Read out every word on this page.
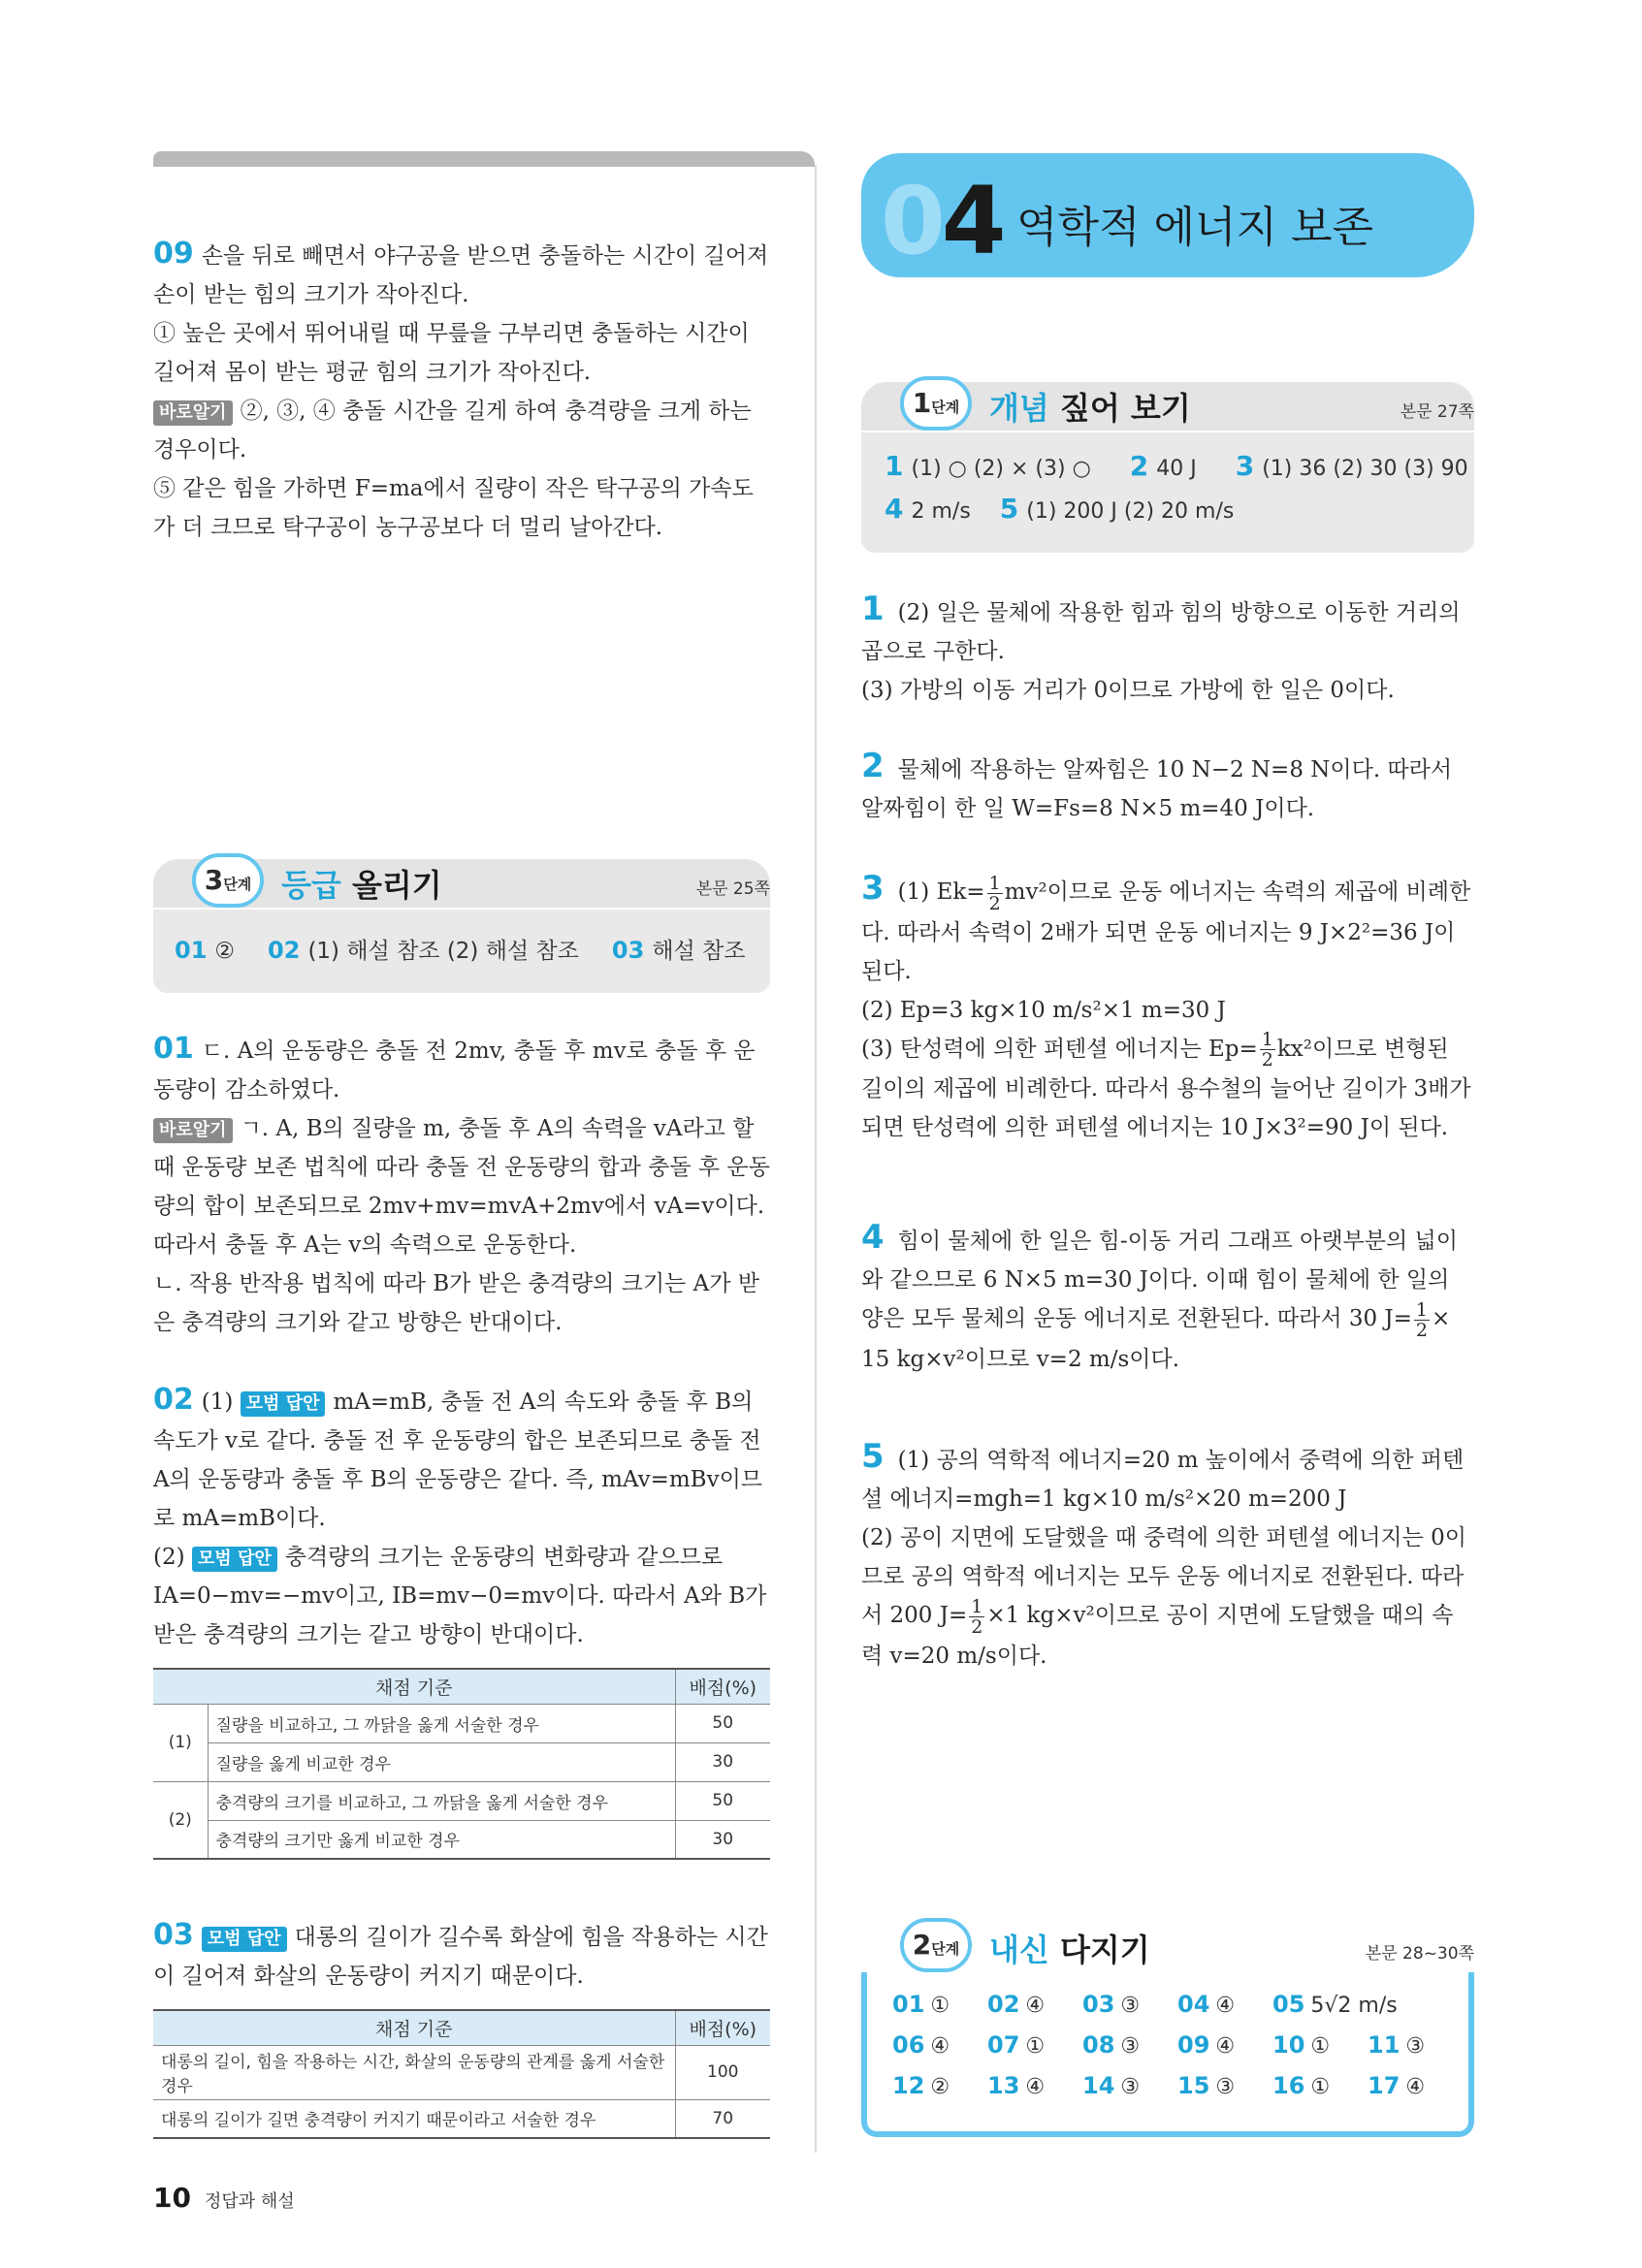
09 손을 뒤로 빼면서 야구공을 받으면 충돌하는 시간이 길어져 손이 받는 힘의 크기가 작아진다.
① 높은 곳에서 뛰어내릴 때 무릎을 구부리면 충돌하는 시간이 길어져 몸이 받는 평균 힘의 크기가 작아진다.
바로알기 ②, ③, ④ 충돌 시간을 길게 하여 충격량을 크게 하는 경우이다.
⑤ 같은 힘을 가하면 F=ma에서 질량이 작은 탁구공의 가속도가 더 크므로 탁구공이 농구공보다 더 멀리 날아간다.
3단계 등급 올리기	본문 25쪽
01 ② 02 (1) 해설 참조 (2) 해설 참조 03 해설 참조
01 ㄷ. A의 운동량은 충돌 전 2mv, 충돌 후 mv로 충돌 후 운동량이 감소하였다.
바로알기 ㄱ. A, B의 질량을 m, 충돌 후 A의 속력을 vA라고 할 때 운동량 보존 법칙에 따라 충돌 전 운동량의 합과 충돌 후 운동량의 합이 보존되므로 2mv+mv=mvA+2mv에서 vA=v이다. 따라서 충돌 후 A는 v의 속력으로 운동한다.
ㄴ. 작용 반작용 법칙에 따라 B가 받은 충격량의 크기는 A가 받은 충격량의 크기와 같고 방향은 반대이다.
02 (1) 모범 답안 mA=mB, 충돌 전 A의 속도와 충돌 후 B의 속도가 v로 같다. 충돌 전 후 운동량의 합은 보존되므로 충돌 전 A의 운동량과 충돌 후 B의 운동량은 같다. 즉, mAv=mBv이므로 mA=mB이다.
(2) 모범 답안 충격량의 크기는 운동량의 변화량과 같으므로 IA=0−mv=−mv이고, IB=mv−0=mv이다. 따라서 A와 B가 받은 충격량의 크기는 같고 방향이 반대이다.
채점 기준		배점(%)
(1)	질량을 비교하고, 그 까닭을 옳게 서술한 경우	50
	질량을 옳게 비교한 경우	30
(2)	충격량의 크기를 비교하고, 그 까닭을 옳게 서술한 경우	50
	충격량의 크기만 옳게 비교한 경우	30
03 모범 답안 대롱의 길이가 길수록 화살에 힘을 작용하는 시간이 길어져 화살의 운동량이 커지기 때문이다.
채점 기준	배점(%)
대롱의 길이, 힘을 작용하는 시간, 화살의 운동량의 관계를 옳게 서술한 경우	100
대롱의 길이가 길면 충격량이 커지기 때문이라고 서술한 경우	70
10 정답과 해설
04 역학적 에너지 보존
1단계 개념 짚어 보기	본문 27쪽
1 (1) ○ (2) × (3) ○ 2 40 J 3 (1) 36 (2) 30 (3) 90
4 2 m/s 5 (1) 200 J (2) 20 m/s
1 (2) 일은 물체에 작용한 힘과 힘의 방향으로 이동한 거리의 곱으로 구한다.
(3) 가방의 이동 거리가 0이므로 가방에 한 일은 0이다.
2 물체에 작용하는 알짜힘은 10 N−2 N=8 N이다. 따라서 알짜힘이 한 일 W=Fs=8 N×5 m=40 J이다.
3 (1) $Ek= \frac{1}{2} mv^2$이므로 운동 에너지는 속력의 제곱에 비례한다. 따라서 속력이 2배가 되면 운동 에너지는 9 J×2²=36 J이 된다.
(2) Ep=3 kg×10 m/s²×1 m=30 J
(3) 탄성력에 의한 퍼텐셜 에너지는 $Ep= \frac{1}{2} kx^2$이므로 변형된 길이의 제곱에 비례한다. 따라서 용수철의 늘어난 길이가 3배가 되면 탄성력에 의한 퍼텐셜 에너지는 10 J×3²=90 J이 된다.
4 힘이 물체에 한 일은 힘-이동 거리 그래프 아랫부분의 넓이와 같으므로 6 N×5 m=30 J이다. 이때 힘이 물체에 한 일의 양은 모두 물체의 운동 에너지로 전환된다. 따라서 30 $J= \frac{1}{2} \times 15$ kg×v²이므로 v=2 m/s이다.
5 (1) 공의 역학적 에너지=20 m 높이에서 중력에 의한 퍼텐셜 에너지=mgh=1 kg×10 m/s²×20 m=200 J
(2) 공이 지면에 도달했을 때 중력에 의한 퍼텐셜 에너지는 0이므로 공의 역학적 에너지는 모두 운동 에너지로 전환된다. 따라서 200 $J= \frac{1}{2} \times 1$ kg×v²이므로 공이 지면에 도달했을 때의 속력 v=20 m/s이다.
2단계 내신 다지기	본문 28~30쪽
01 ① 02 ④ 03 ③ 04 ④ 05 5√2 m/s
06 ④ 07 ① 08 ③ 09 ④ 10 ① 11 ③
12 ② 13 ④ 14 ③ 15 ③ 16 ① 17 ④
